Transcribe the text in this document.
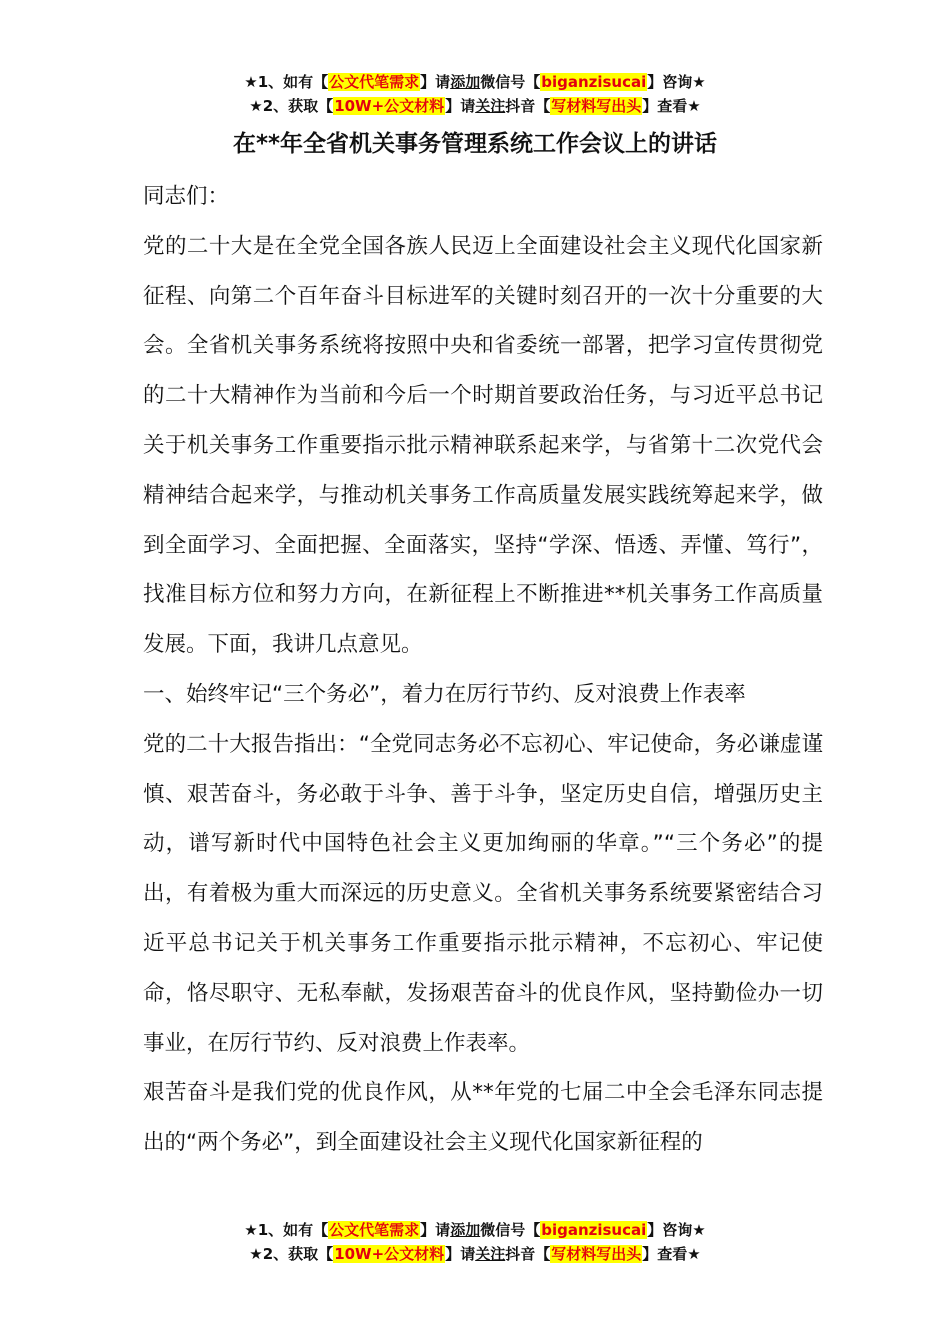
★1、如有【公文代笔需求】请添加微信号【biganzisucai】咨询★
★2、获取【10W+公文材料】请关注抖音【写材料写出头】查看★
在**年全省机关事务管理系统工作会议上的讲话

同志们：

党的二十大是在全党全国各族人民迈上全面建设社会主义现代化国家新征程、向第二个百年奋斗目标进军的关键时刻召开的一次十分重要的大会。全省机关事务系统将按照中央和省委统一部署，把学习宣传贯彻党的二十大精神作为当前和今后一个时期首要政治任务，与习近平总书记关于机关事务工作重要指示批示精神联系起来学，与省第十二次党代会精神结合起来学，与推动机关事务工作高质量发展实践统筹起来学，做到全面学习、全面把握、全面落实，坚持“学深、悟透、弄懂、笃行”，找准目标方位和努力方向，在新征程上不断推进**机关事务工作高质量发展。下面，我讲几点意见。

一、始终牢记“三个务必”，着力在厉行节约、反对浪费上作表率

党的二十大报告指出：“全党同志务必不忘初心、牢记使命，务必谦虚谨慎、艰苦奋斗，务必敢于斗争、善于斗争，坚定历史自信，增强历史主动，谱写新时代中国特色社会主义更加绚丽的华章。”“三个务必”的提出，有着极为重大而深远的历史意义。全省机关事务系统要紧密结合习近平总书记关于机关事务工作重要指示批示精神，不忘初心、牢记使命，恪尽职守、无私奉献，发扬艰苦奋斗的优良作风，坚持勤俭办一切事业，在厉行节约、反对浪费上作表率。

艰苦奋斗是我们党的优良作风，从**年党的七届二中全会毛泽东同志提出的“两个务必”，到全面建设社会主义现代化国家新征程的

★1、如有【公文代笔需求】请添加微信号【biganzisucai】咨询★
★2、获取【10W+公文材料】请关注抖音【写材料写出头】查看★
